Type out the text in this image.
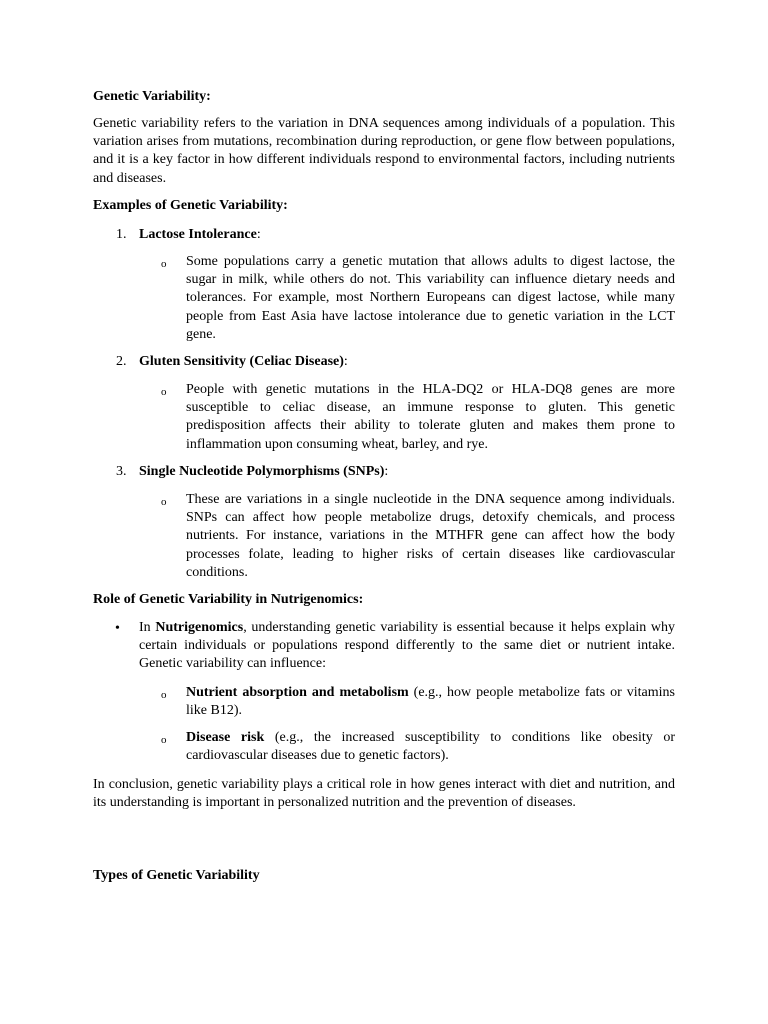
Genetic Variability:

Genetic variability refers to the variation in DNA sequences among individuals of a population. This variation arises from mutations, recombination during reproduction, or gene flow between populations, and it is a key factor in how different individuals respond to environmental factors, including nutrients and diseases.

Examples of Genetic Variability:

1. Lactose Intolerance:
o Some populations carry a genetic mutation that allows adults to digest lactose, the sugar in milk, while others do not. This variability can influence dietary needs and tolerances. For example, most Northern Europeans can digest lactose, while many people from East Asia have lactose intolerance due to genetic variation in the LCT gene.

2. Gluten Sensitivity (Celiac Disease):
o People with genetic mutations in the HLA-DQ2 or HLA-DQ8 genes are more susceptible to celiac disease, an immune response to gluten. This genetic predisposition affects their ability to tolerate gluten and makes them prone to inflammation upon consuming wheat, barley, and rye.

3. Single Nucleotide Polymorphisms (SNPs):
o These are variations in a single nucleotide in the DNA sequence among individuals. SNPs can affect how people metabolize drugs, detoxify chemicals, and process nutrients. For instance, variations in the MTHFR gene can affect how the body processes folate, leading to higher risks of certain diseases like cardiovascular conditions.

Role of Genetic Variability in Nutrigenomics:

• In Nutrigenomics, understanding genetic variability is essential because it helps explain why certain individuals or populations respond differently to the same diet or nutrient intake. Genetic variability can influence:

o Nutrient absorption and metabolism (e.g., how people metabolize fats or vitamins like B12).

o Disease risk (e.g., the increased susceptibility to conditions like obesity or cardiovascular diseases due to genetic factors).

In conclusion, genetic variability plays a critical role in how genes interact with diet and nutrition, and its understanding is important in personalized nutrition and the prevention of diseases.

Types of Genetic Variability
